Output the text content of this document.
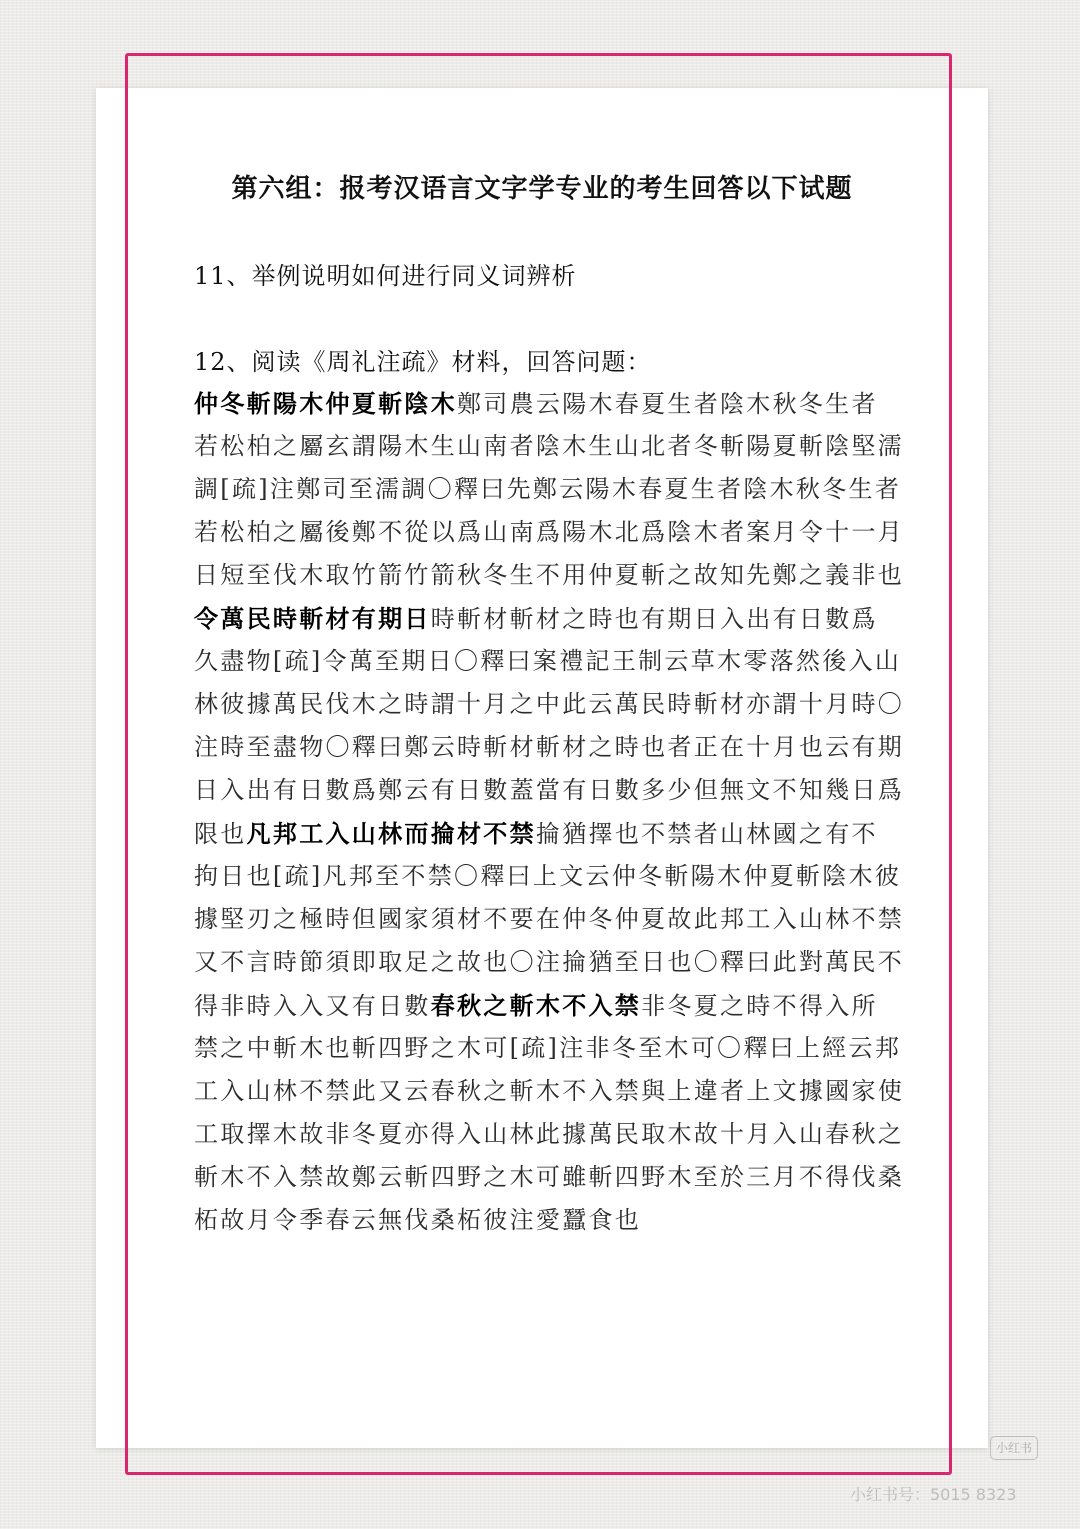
第六组：报考汉语言文字学专业的考生回答以下试题
11、举例说明如何进行同义词辨析
12、阅读《周礼注疏》材料，回答问题：
仲冬斬陽木仲夏斬陰木鄭司農云陽木春夏生者陰木秋冬生者
若松柏之屬玄謂陽木生山南者陰木生山北者冬斬陽夏斬陰堅濡
調[疏]注鄭司至濡調〇釋曰先鄭云陽木春夏生者陰木秋冬生者
若松柏之屬後鄭不從以爲山南爲陽木北爲陰木者案月令十一月
日短至伐木取竹箭竹箭秋冬生不用仲夏斬之故知先鄭之義非也
令萬民時斬材有期日時斬材斬材之時也有期日入出有日數爲
久盡物[疏]令萬至期日〇釋曰案禮記王制云草木零落然後入山
林彼據萬民伐木之時謂十月之中此云萬民時斬材亦謂十月時〇
注時至盡物〇釋曰鄭云時斬材斬材之時也者正在十月也云有期
日入出有日數爲鄭云有日數蓋當有日數多少但無文不知幾日爲
限也凡邦工入山林而掄材不禁掄猶擇也不禁者山林國之有不
拘日也[疏]凡邦至不禁〇釋曰上文云仲冬斬陽木仲夏斬陰木彼
據堅刃之極時但國家須材不要在仲冬仲夏故此邦工入山林不禁
又不言時節須即取足之故也〇注掄猶至日也〇釋曰此對萬民不
得非時入入又有日數春秋之斬木不入禁非冬夏之時不得入所
禁之中斬木也斬四野之木可[疏]注非冬至木可〇釋曰上經云邦
工入山林不禁此又云春秋之斬木不入禁與上違者上文據國家使
工取擇木故非冬夏亦得入山林此據萬民取木故十月入山春秋之
斬木不入禁故鄭云斬四野之木可雖斬四野木至於三月不得伐桑
柘故月令季春云無伐桑柘彼注愛蠶食也
小红书
小红书号：5015 8323
